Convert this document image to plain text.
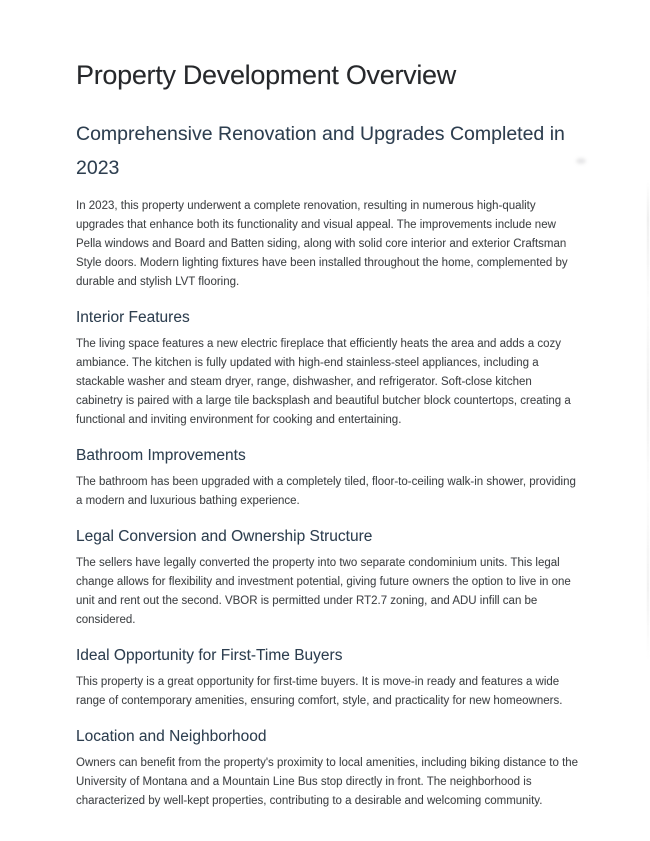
Property Development Overview
Comprehensive Renovation and Upgrades Completed in 2023

In 2023, this property underwent a complete renovation, resulting in numerous high-quality upgrades that enhance both its functionality and visual appeal. The improvements include new Pella windows and Board and Batten siding, along with solid core interior and exterior Craftsman Style doors. Modern lighting fixtures have been installed throughout the home, complemented by durable and stylish LVT flooring.

Interior Features

The living space features a new electric fireplace that efficiently heats the area and adds a cozy ambiance. The kitchen is fully updated with high-end stainless-steel appliances, including a stackable washer and steam dryer, range, dishwasher, and refrigerator. Soft-close kitchen cabinetry is paired with a large tile backsplash and beautiful butcher block countertops, creating a functional and inviting environment for cooking and entertaining.

Bathroom Improvements

The bathroom has been upgraded with a completely tiled, floor-to-ceiling walk-in shower, providing a modern and luxurious bathing experience.

Legal Conversion and Ownership Structure

The sellers have legally converted the property into two separate condominium units. This legal change allows for flexibility and investment potential, giving future owners the option to live in one unit and rent out the second. VBOR is permitted under RT2.7 zoning, and ADU infill can be considered.

Ideal Opportunity for First-Time Buyers

This property is a great opportunity for first-time buyers. It is move-in ready and features a wide range of contemporary amenities, ensuring comfort, style, and practicality for new homeowners.

Location and Neighborhood

Owners can benefit from the property's proximity to local amenities, including biking distance to the University of Montana and a Mountain Line Bus stop directly in front. The neighborhood is characterized by well-kept properties, contributing to a desirable and welcoming community.
